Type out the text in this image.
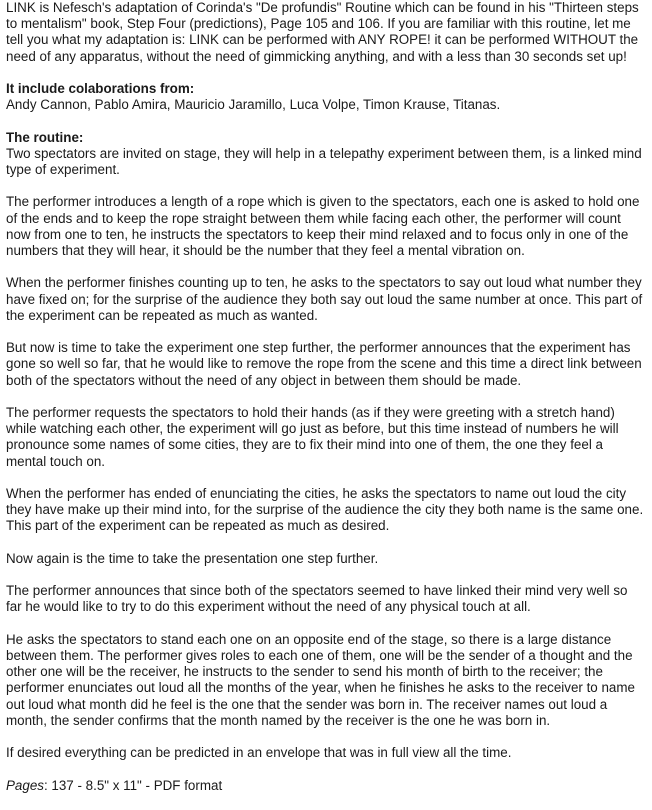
LINK is Nefesch's adaptation of Corinda's "De profundis" Routine which can be found in his "Thirteen steps to mentalism" book, Step Four (predictions), Page 105 and 106. If you are familiar with this routine, let me tell you what my adaptation is: LINK can be performed with ANY ROPE! it can be performed WITHOUT the need of any apparatus, without the need of gimmicking anything, and with a less than 30 seconds set up!

It include colaborations from:
Andy Cannon, Pablo Amira, Mauricio Jaramillo, Luca Volpe, Timon Krause, Titanas.

The routine:
Two spectators are invited on stage, they will help in a telepathy experiment between them, is a linked mind type of experiment.

The performer introduces a length of a rope which is given to the spectators, each one is asked to hold one of the ends and to keep the rope straight between them while facing each other, the performer will count now from one to ten, he instructs the spectators to keep their mind relaxed and to focus only in one of the numbers that they will hear, it should be the number that they feel a mental vibration on.

When the performer finishes counting up to ten, he asks to the spectators to say out loud what number they have fixed on; for the surprise of the audience they both say out loud the same number at once. This part of the experiment can be repeated as much as wanted.

But now is time to take the experiment one step further, the performer announces that the experiment has gone so well so far, that he would like to remove the rope from the scene and this time a direct link between both of the spectators without the need of any object in between them should be made.

The performer requests the spectators to hold their hands (as if they were greeting with a stretch hand) while watching each other, the experiment will go just as before, but this time instead of numbers he will pronounce some names of some cities, they are to fix their mind into one of them, the one they feel a mental touch on.

When the performer has ended of enunciating the cities, he asks the spectators to name out loud the city they have make up their mind into, for the surprise of the audience the city they both name is the same one. This part of the experiment can be repeated as much as desired.

Now again is the time to take the presentation one step further.

The performer announces that since both of the spectators seemed to have linked their mind very well so far he would like to try to do this experiment without the need of any physical touch at all.

He asks the spectators to stand each one on an opposite end of the stage, so there is a large distance between them. The performer gives roles to each one of them, one will be the sender of a thought and the other one will be the receiver, he instructs to the sender to send his month of birth to the receiver; the performer enunciates out loud all the months of the year, when he finishes he asks to the receiver to name out loud what month did he feel is the one that the sender was born in. The receiver names out loud a month, the sender confirms that the month named by the receiver is the one he was born in.

If desired everything can be predicted in an envelope that was in full view all the time.

Pages: 137 - 8.5" x 11" - PDF format
